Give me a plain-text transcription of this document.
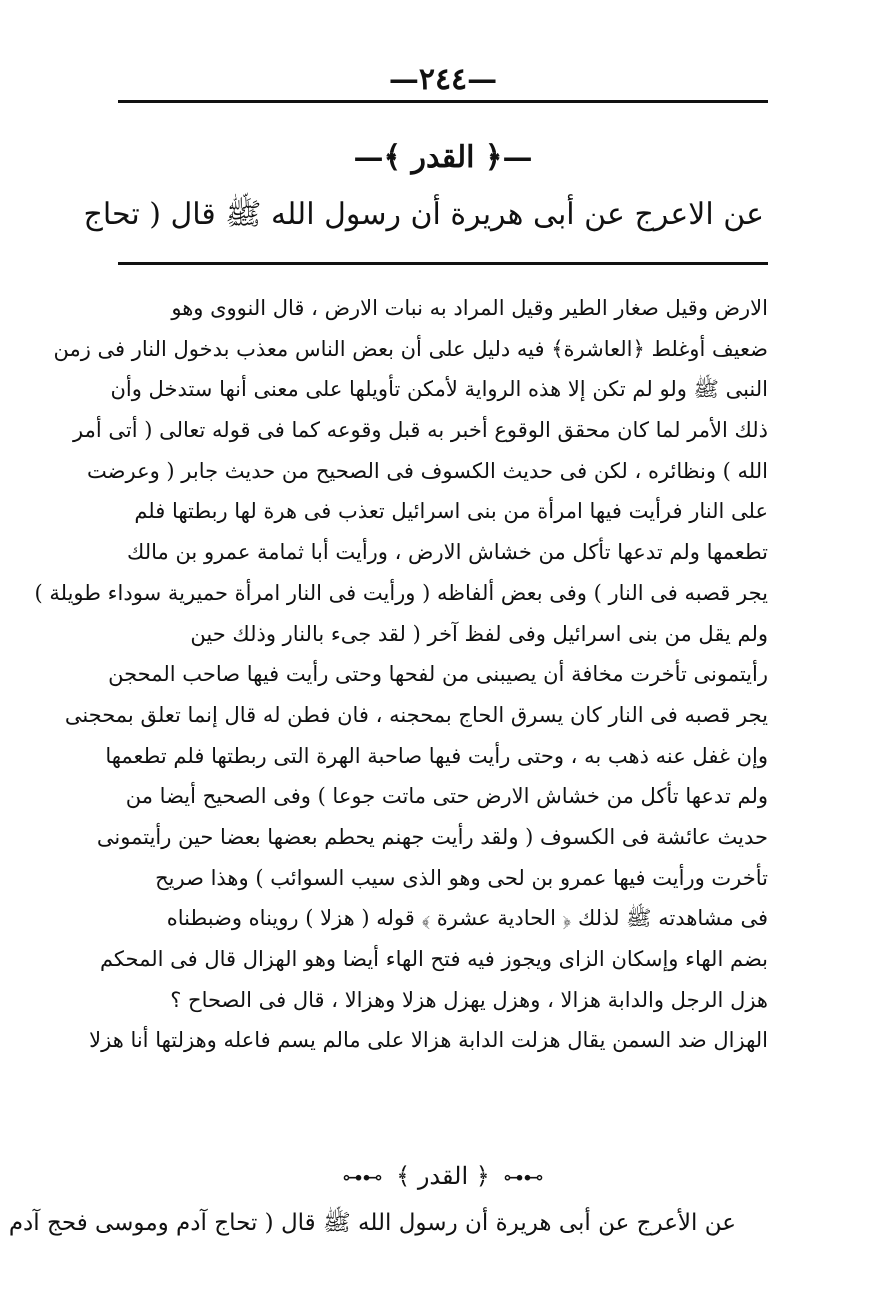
—٢٤٤—
—﴿ القدر ﴾—
عن الاعرج عن أبى هريرة أن رسول الله ﷺ قال ( تحاج
الارض وقيل صغار الطير وقيل المراد به نبات الارض ، قال النووى وهو
ضعيف أوغلط ﴿العاشرة﴾ فيه دليل على أن بعض الناس معذب بدخول النار فى زمن
النبى ﷺ ولو لم تكن إلا هذه الرواية لأمكن تأويلها على معنى أنها ستدخل وأن
ذلك الأمر لما كان محقق الوقوع أخبر به قبل وقوعه كما فى قوله تعالى ( أتى أمر
الله ) ونظائره ، لكن فى حديث الكسوف فى الصحيح من حديث جابر ( وعرضت
على النار فرأيت فيها امرأة من بنى اسرائيل تعذب فى هرة لها ربطتها فلم
تطعمها ولم تدعها تأكل من خشاش الارض ، ورأيت أبا ثمامة عمرو بن مالك
يجر قصبه فى النار ) وفى بعض ألفاظه ( ورأيت فى النار امرأة حميرية سوداء طويلة )
ولم يقل من بنى اسرائيل وفى لفظ آخر ( لقد جىء بالنار وذلك حين
رأيتمونى تأخرت مخافة أن يصيبنى من لفحها وحتى رأيت فيها صاحب المحجن
يجر قصبه فى النار كان يسرق الحاج بمحجنه ، فان فطن له قال إنما تعلق بمحجنى
وإن غفل عنه ذهب به ، وحتى رأيت فيها صاحبة الهرة التى ربطتها فلم تطعمها
ولم تدعها تأكل من خشاش الارض حتى ماتت جوعا ) وفى الصحيح أيضا من
حديث عائشة فى الكسوف ( ولقد رأيت جهنم يحطم بعضها بعضا حين رأيتمونى
تأخرت ورأيت فيها عمرو بن لحى وهو الذى سيب السوائب ) وهذا صريح
فى مشاهدته ﷺ لذلك ﴿ الحادية عشرة ﴾ قوله ( هزلا ) رويناه وضبطناه
بضم الهاء وإسكان الزاى ويجوز فيه فتح الهاء أيضا وهو الهزال قال فى المحكم
هزل الرجل والدابة هزالا ، وهزل يهزل هزلا وهزالا ، قال فى الصحاح ؟
الهزال ضد السمن يقال هزلت الدابة هزالا على مالم يسم فاعله وهزلتها أنا هزلا
⊶⊷ ﴿ القدر ﴾ ⊶⊷
عن الأعرج عن أبى هريرة أن رسول الله ﷺ قال ( تحاج آدم وموسى فحج آدم
